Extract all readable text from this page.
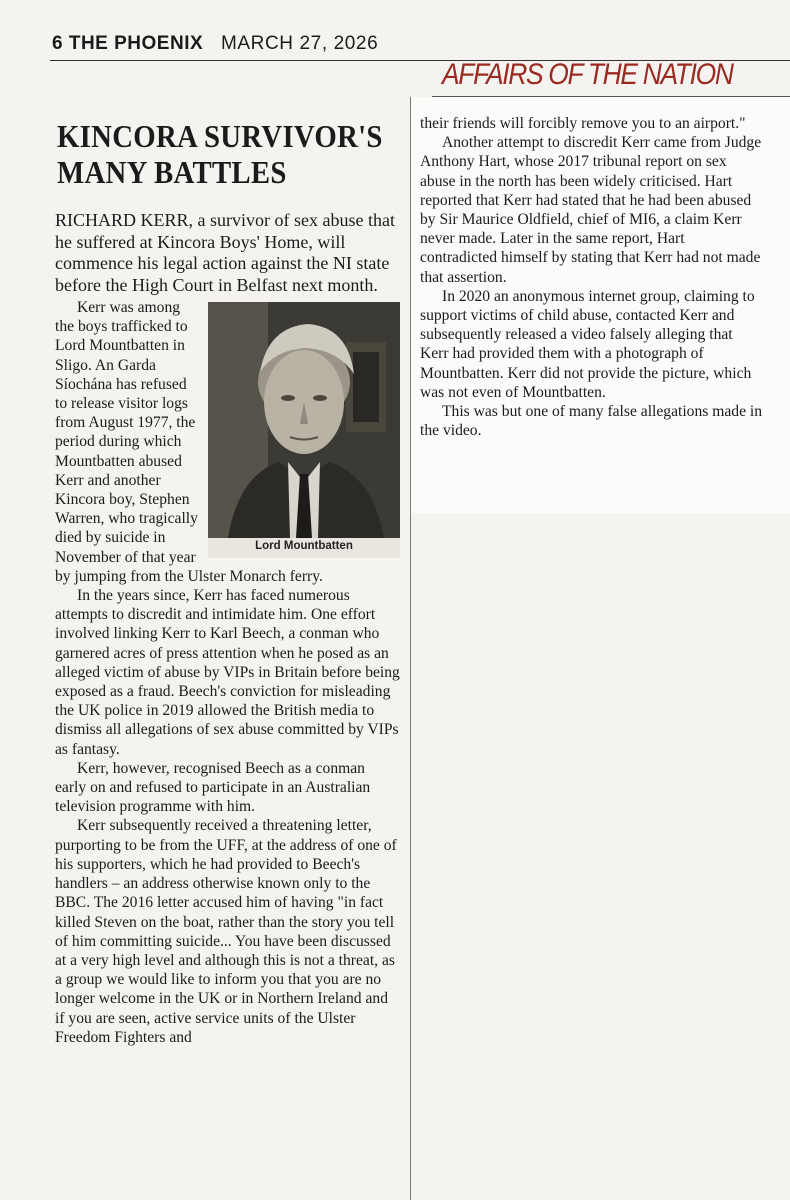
6 THE PHOENIX MARCH 27, 2026
AFFAIRS OF THE NATION
KINCORA SURVIVOR'S
MANY BATTLES

RICHARD KERR, a survivor of sex abuse that he suffered at Kincora Boys' Home, will commence his legal action against the NI state before the High Court in Belfast next month.

Lord Mountbatten

Kerr was among the boys trafficked to Lord Mountbatten in Sligo. An Garda Síochána has refused to release visitor logs from August 1977, the period during which Mountbatten abused Kerr and another Kincora boy, Stephen Warren, who tragically died by suicide in November of that year by jumping from the Ulster Monarch ferry.

In the years since, Kerr has faced numerous attempts to discredit and intimidate him. One effort involved linking Kerr to Karl Beech, a conman who garnered acres of press attention when he posed as an alleged victim of abuse by VIPs in Britain before being exposed as a fraud. Beech's conviction for misleading the UK police in 2019 allowed the British media to dismiss all allegations of sex abuse committed by VIPs as fantasy.

Kerr, however, recognised Beech as a conman early on and refused to participate in an Australian television programme with him.

Kerr subsequently received a threatening letter, purporting to be from the UFF, at the address of one of his supporters, which he had provided to Beech's handlers – an address otherwise known only to the BBC. The 2016 letter accused him of having "in fact killed Steven on the boat, rather than the story you tell of him committing suicide... You have been discussed at a very high level and although this is not a threat, as a group we would like to inform you that you are no longer welcome in the UK or in Northern Ireland and if you are seen, active service units of the Ulster Freedom Fighters and

their friends will forcibly remove you to an airport."

Another attempt to discredit Kerr came from Judge Anthony Hart, whose 2017 tribunal report on sex abuse in the north has been widely criticised. Hart reported that Kerr had stated that he had been abused by Sir Maurice Oldfield, chief of MI6, a claim Kerr never made. Later in the same report, Hart contradicted himself by stating that Kerr had not made that assertion.

In 2020 an anonymous internet group, claiming to support victims of child abuse, contacted Kerr and subsequently released a video falsely alleging that Kerr had provided them with a photograph of Mountbatten. Kerr did not provide the picture, which was not even of Mountbatten.

This was but one of many false allegations made in the video.
